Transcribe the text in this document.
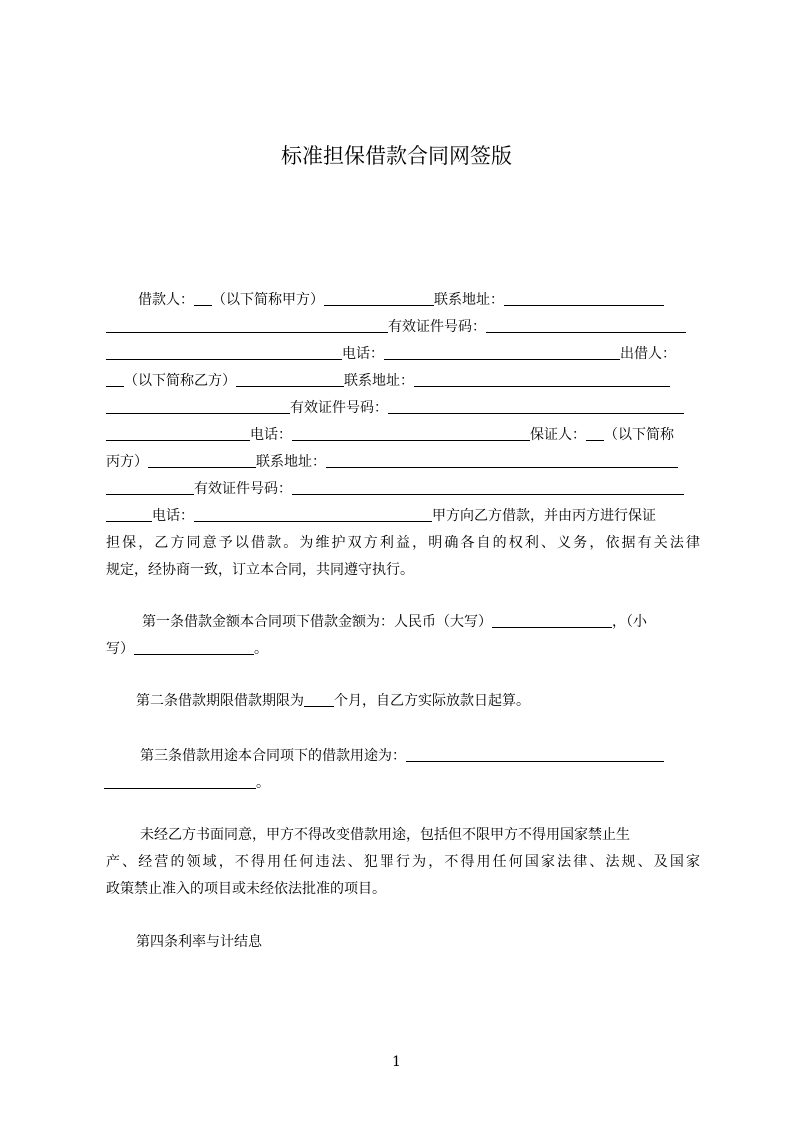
标准担保借款合同网签版
借款人： （以下简称甲方）	联系地址：
有效证件号码：
电话：	出借人：
（以下简称乙方）	联系地址：
有效证件号码：
电话：	保证人： （以下简称
丙方）	联系地址：
有效证件号码：
电话：	甲方向乙方借款，并由丙方进行保证
担保，乙方同意予以借款。为维护双方利益，明确各自的权利、义务，依据有关法律
规定，经协商一致，订立本合同，共同遵守执行。
第一条借款金额本合同项下借款金额为：人民币（大写）	，（小
写）	。
第二条借款期限借款期限为 个月，自乙方实际放款日起算。
第三条借款用途本合同项下的借款用途为：
。
未经乙方书面同意，甲方不得改变借款用途，包括但不限甲方不得用国家禁止生
产、经营的领域，不得用任何违法、犯罪行为，不得用任何国家法律、法规、及国家
政策禁止准入的项目或未经依法批准的项目。
第四条利率与计结息
1
